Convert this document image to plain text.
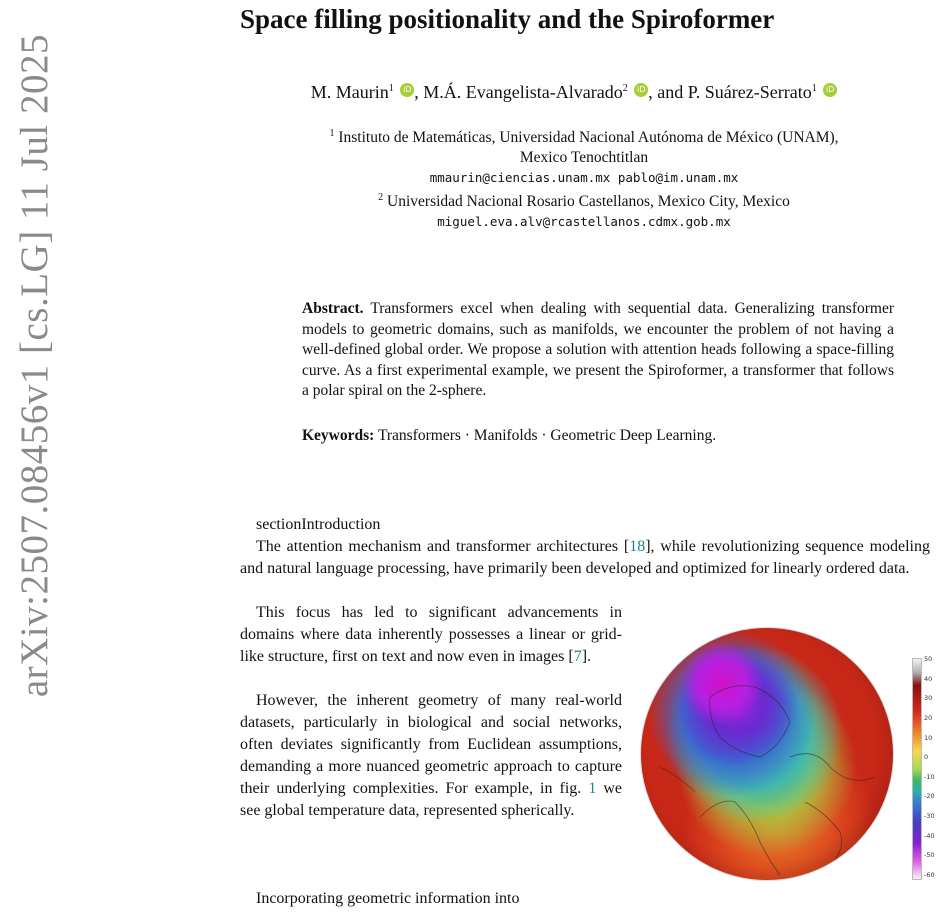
arXiv:2507.08456v1 [cs.LG] 11 Jul 2025
Space filling positionality and the Spiroformer
M. Maurin$^1$ iD , M.Á. Evangelista-Alvarado$^2$ iD , and P. Suárez-Serrato$^1$ iD
$^1$ Instituto de Matemáticas, Universidad Nacional Autónoma de México (UNAM),
Mexico Tenochtitlan
mmaurin@ciencias.unam.mx pablo@im.unam.mx
$^2$ Universidad Nacional Rosario Castellanos, Mexico City, Mexico
miguel.eva.alv@rcastellanos.cdmx.gob.mx

Abstract. Transformers excel when dealing with sequential data. Generalizing transformer models to geometric domains, such as manifolds, we encounter the problem of not having a well-defined global order. We propose a solution with attention heads following a space-filling curve. As a first experimental example, we present the Spiroformer, a transformer that follows a polar spiral on the 2-sphere.

Keywords: Transformers · Manifolds · Geometric Deep Learning.

sectionIntroduction

The attention mechanism and transformer architectures [18], while revolutionizing sequence modeling and natural language processing, have primarily been developed and optimized for linearly ordered data.

This focus has led to significant advancements in domains where data inherently possesses a linear or grid-like structure, first on text and now even in images [7].

However, the inherent geometry of many real-world datasets, particularly in biological and social networks, often deviates significantly from Euclidean assumptions, demanding a more nuanced geometric approach to capture their underlying complexities. For example, in fig. 1 we see global temperature data, represented spherically.

Incorporating geometric information into

50
40
30
20
10
0
-10
-20
-30
-40
-50
-60
